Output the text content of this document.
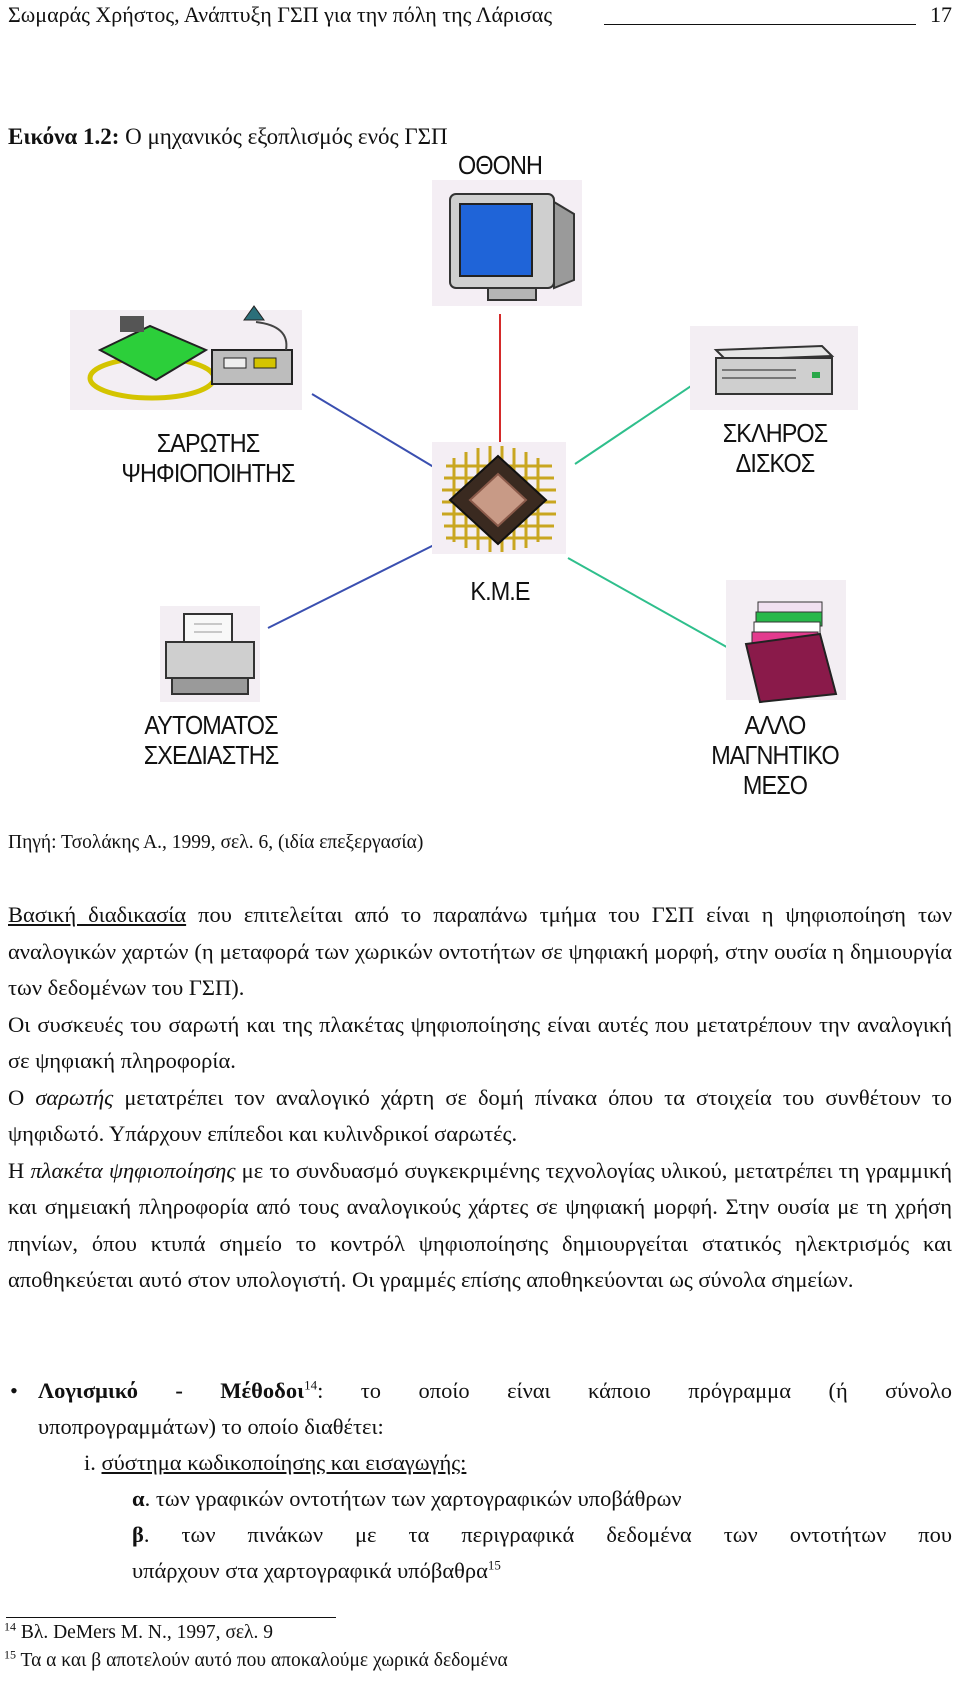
Σωμαράς Χρήστος, Ανάπτυξη ΓΣΠ για την πόλη της Λάρισας	17
Εικόνα 1.2: Ο μηχανικός εξοπλισμός ενός ΓΣΠ
ΟΘΟΝΗ
ΣΑΡΩΤΗΣ
ΨΗΦΙΟΠΟΙΗΤΗΣ
ΣΚΛΗΡΟΣ
ΔΙΣΚΟΣ
Κ.Μ.Ε
ΑΥΤΟΜΑΤΟΣ
ΣΧΕΔΙΑΣΤΗΣ
ΑΛΛΟ
ΜΑΓΝΗΤΙΚΟ
ΜΕΣΟ
Πηγή: Τσολάκης Α., 1999, σελ. 6, (ιδία επεξεργασία)

Βασική διαδικασία που επιτελείται από το παραπάνω τμήμα του ΓΣΠ είναι η ψηφιοποίηση των αναλογικών χαρτών (η μεταφορά των χωρικών οντοτήτων σε ψηφιακή μορφή, στην ουσία η δημιουργία των δεδομένων του ΓΣΠ).

Οι συσκευές του σαρωτή και της πλακέτας ψηφιοποίησης είναι αυτές που μετατρέπουν την αναλογική σε ψηφιακή πληροφορία.

Ο σαρωτής μετατρέπει τον αναλογικό χάρτη σε δομή πίνακα όπου τα στοιχεία του συνθέτουν το ψηφιδωτό. Υπάρχουν επίπεδοι και κυλινδρικοί σαρωτές.

Η πλακέτα ψηφιοποίησης με το συνδυασμό συγκεκριμένης τεχνολογίας υλικού, μετατρέπει τη γραμμική και σημειακή πληροφορία από τους αναλογικούς χάρτες σε ψηφιακή μορφή. Στην ουσία με τη χρήση πηνίων, όπου κτυπά σημείο το κοντρόλ ψηφιοποίησης δημιουργείται στατικός ηλεκτρισμός και αποθηκεύεται αυτό στον υπολογιστή. Οι γραμμές επίσης αποθηκεύονται ως σύνολα σημείων.

• Λογισμικό - Μέθοδοι$^{14}$: το οποίο είναι κάποιο πρόγραμμα (ή σύνολο
υποπρογραμμάτων) το οποίο διαθέτει:
i. σύστημα κωδικοποίησης και εισαγωγής:
α. των γραφικών οντοτήτων των χαρτογραφικών υποβάθρων
β. των πινάκων με τα περιγραφικά δεδομένα των οντοτήτων που
υπάρχουν στα χαρτογραφικά υπόβαθρα$^{15}$
$^{14}$ Βλ. DeMers M. N., 1997, σελ. 9
$^{15}$ Τα α και β αποτελούν αυτό που αποκαλούμε χωρικά δεδομένα
